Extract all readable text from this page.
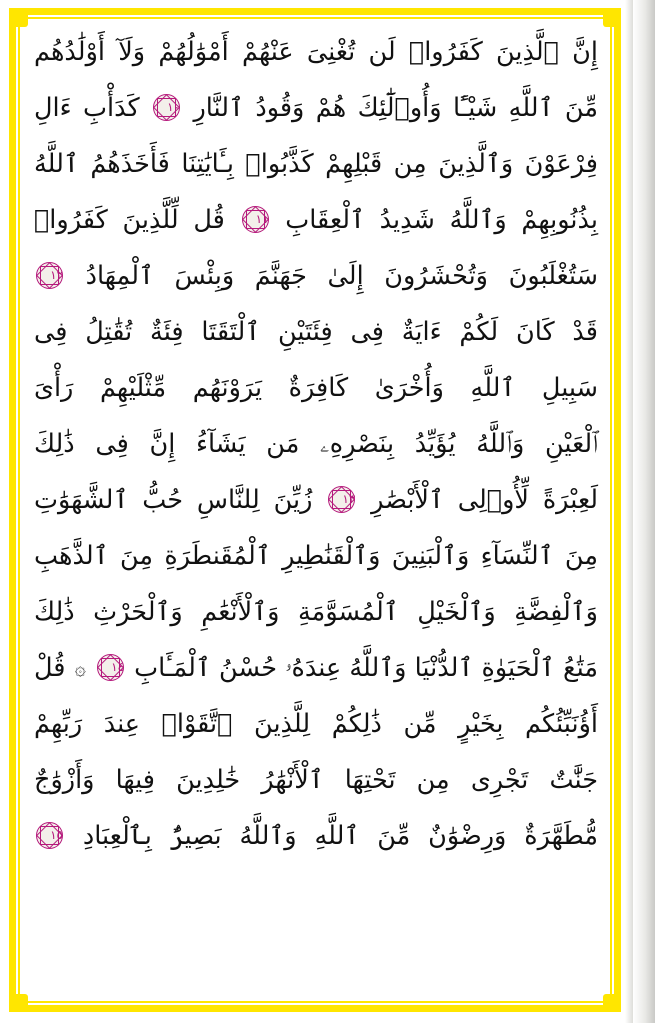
إِنَّ ٱلَّذِينَ كَفَرُوا۟ لَن تُغْنِىَ عَنْهُمْ أَمْوَٰلُهُمْ وَلَآ أَوْلَٰدُهُم
مِّنَ ٱللَّهِ شَيْـًٔا وَأُو۟لَٰٓئِكَ هُمْ وَقُودُ ٱلنَّارِ
١٠
كَدَأْبِ ءَالِ
فِرْعَوْنَ وَٱلَّذِينَ مِن قَبْلِهِمْ كَذَّبُوا۟ بِـَٔايَٰتِنَا فَأَخَذَهُمُ ٱللَّهُ
بِذُنُوبِهِمْ وَٱللَّهُ شَدِيدُ ٱلْعِقَابِ
١١
قُل لِّلَّذِينَ كَفَرُوا۟
سَتُغْلَبُونَ وَتُحْشَرُونَ إِلَىٰ جَهَنَّمَ وَبِئْسَ ٱلْمِهَادُ
١٢
قَدْ كَانَ لَكُمْ ءَايَةٌ فِى فِئَتَيْنِ ٱلْتَقَتَا فِئَةٌ تُقَٰتِلُ فِى
سَبِيلِ ٱللَّهِ وَأُخْرَىٰ كَافِرَةٌ يَرَوْنَهُم مِّثْلَيْهِمْ رَأْىَ
ٱلْعَيْنِ وَٱللَّهُ يُؤَيِّدُ بِنَصْرِهِۦ مَن يَشَآءُ إِنَّ فِى ذَٰلِكَ
لَعِبْرَةً لِّأُو۟لِى ٱلْأَبْصَٰرِ
١٣
زُيِّنَ لِلنَّاسِ حُبُّ ٱلشَّهَوَٰتِ
مِنَ ٱلنِّسَآءِ وَٱلْبَنِينَ وَٱلْقَنَٰطِيرِ ٱلْمُقَنطَرَةِ مِنَ ٱلذَّهَبِ
وَٱلْفِضَّةِ وَٱلْخَيْلِ ٱلْمُسَوَّمَةِ وَٱلْأَنْعَٰمِ وَٱلْحَرْثِ ذَٰلِكَ
مَتَٰعُ ٱلْحَيَوٰةِ ٱلدُّنْيَا وَٱللَّهُ عِندَهُۥ حُسْنُ ٱلْمَـَٔابِ
١٤
۞ قُلْ
أَؤُنَبِّئُكُم بِخَيْرٍ مِّن ذَٰلِكُمْ لِلَّذِينَ ٱتَّقَوْا۟ عِندَ رَبِّهِمْ
جَنَّٰتٌ تَجْرِى مِن تَحْتِهَا ٱلْأَنْهَٰرُ خَٰلِدِينَ فِيهَا وَأَزْوَٰجٌ
مُّطَهَّرَةٌ وَرِضْوَٰنٌ مِّنَ ٱللَّهِ وَٱللَّهُ بَصِيرٌۢ بِٱلْعِبَادِ
١٥
